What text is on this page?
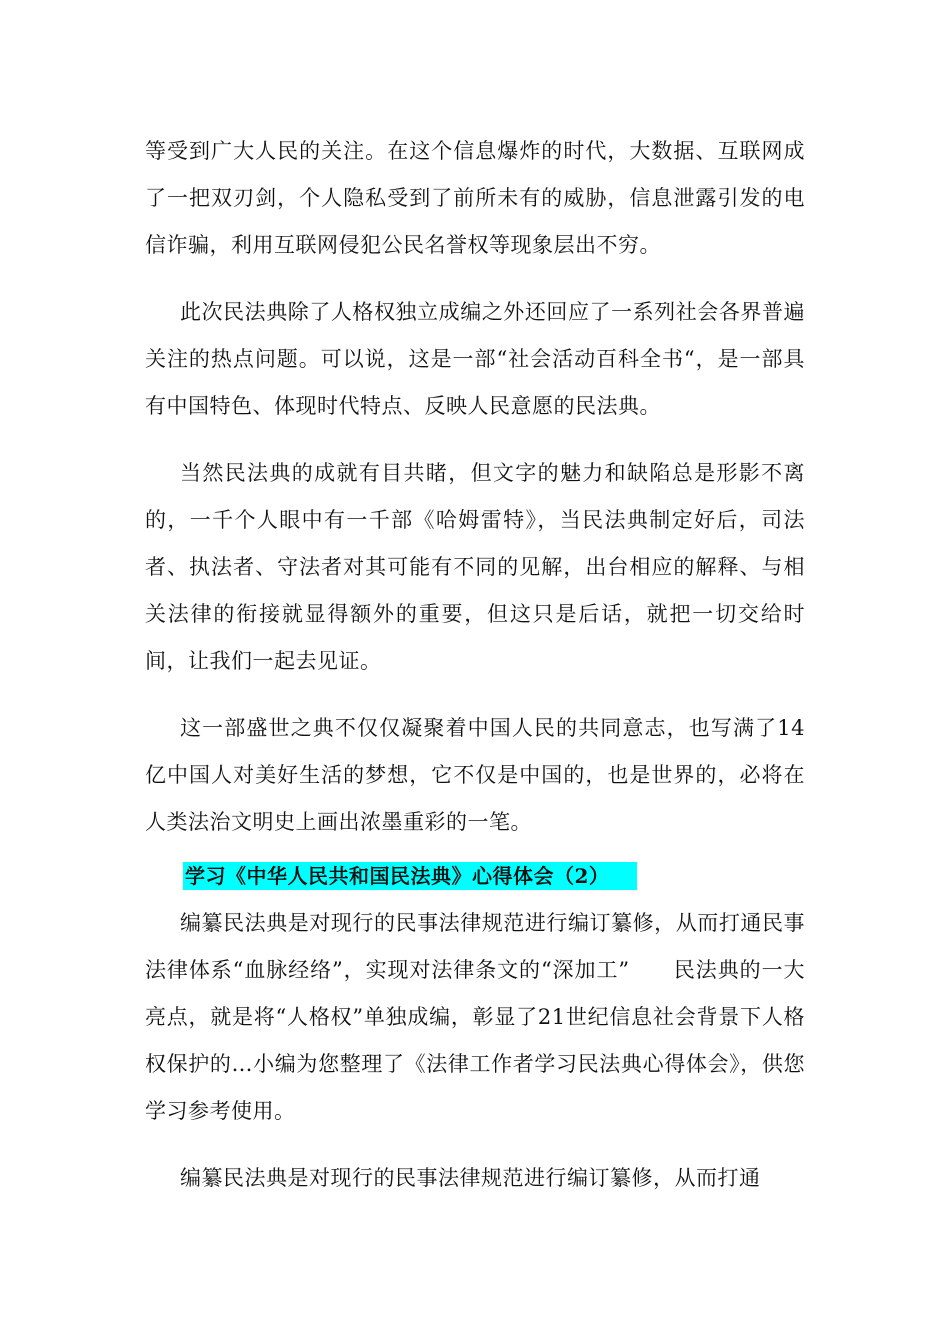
等受到广大人民的关注。在这个信息爆炸的时代，大数据、互联网成了一把双刃剑，个人隐私受到了前所未有的威胁，信息泄露引发的电信诈骗，利用互联网侵犯公民名誉权等现象层出不穷。

此次民法典除了人格权独立成编之外还回应了一系列社会各界普遍关注的热点问题。可以说，这是一部“社会活动百科全书“，是一部具有中国特色、体现时代特点、反映人民意愿的民法典。

当然民法典的成就有目共睹，但文字的魅力和缺陷总是形影不离的，一千个人眼中有一千部《哈姆雷特》，当民法典制定好后，司法者、执法者、守法者对其可能有不同的见解，出台相应的解释、与相关法律的衔接就显得额外的重要，但这只是后话，就把一切交给时间，让我们一起去见证。

这一部盛世之典不仅仅凝聚着中国人民的共同意志，也写满了14亿中国人对美好生活的梦想，它不仅是中国的，也是世界的，必将在人类法治文明史上画出浓墨重彩的一笔。

学习《中华人民共和国民法典》心得体会（2）

编纂民法典是对现行的民事法律规范进行编订纂修，从而打通民事法律体系“血脉经络”，实现对法律条文的“深加工”　　民法典的一大亮点，就是将“人格权”单独成编，彰显了21世纪信息社会背景下人格权保护的…小编为您整理了《法律工作者学习民法典心得体会》，供您学习参考使用。

编纂民法典是对现行的民事法律规范进行编订纂修，从而打通
